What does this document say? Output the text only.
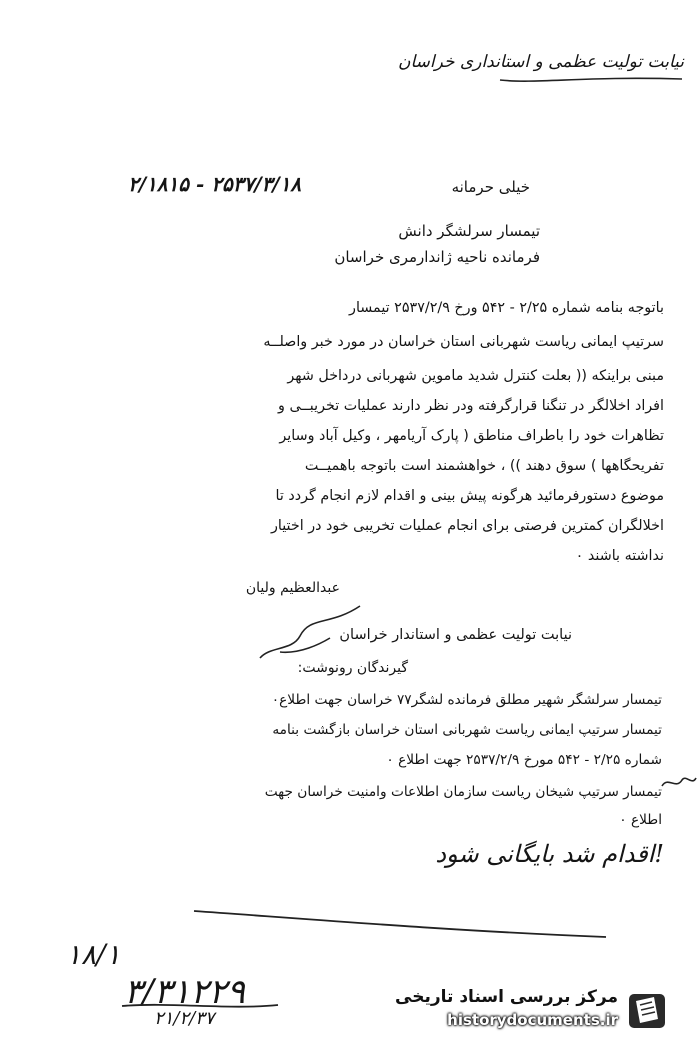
نیابت تولیت عظمی و استانداری خراسان
۲/۱۸۱۵ - ۲۵۳۷/۳/۱۸	خیلی حرمانه
تیمسار سرلشگر دانش
فرمانده ناحیه ژاندارمری خراسان
باتوجه بنامه شماره ۲/۲۵ - ۵۴۲ ورخ ۲۵۳۷/۲/۹ تیمسار
سرتیپ ایمانی ریاست شهربانی استان خراسان در مورد خبر واصلــه
مبنی براینکه (( بعلت کنترل شدید ماموین شهربانی درداخل شهر
افراد اخلالگر در تنگنا قرارگرفته ودر نظر دارند عملیات تخریبــی و
تظاهرات خود را باطراف مناطق ( پارک آریامهر ، وکیل آباد وسایر
تفریحگاهها ) سوق دهند )) ، خواهشمند است باتوجه باهمیــت
موضوع دستورفرمائید هرگونه پیش بینی و اقدام لازم انجام گردد تا
اخلالگران کمترین فرصتی برای انجام عملیات تخریبی خود در اختیار
نداشته باشند ۰
عبدالعظیم ولیان
نیابت تولیت عظمی و استاندار خراسان
گیرندگان رونوشت:
تیمسار سرلشگر شهیر مطلق فرمانده لشگر۷۷ خراسان جهت اطلاع۰
تیمسار سرتیپ ایمانی ریاست شهربانی استان خراسان بازگشت بنامه
شماره ۲/۲۵ - ۵۴۲ مورخ ۲۵۳۷/۲/۹ جهت اطلاع ۰
تیمسار سرتیپ شیخان ریاست سازمان اطلاعات وامنیت خراسان جهت
اطلاع ۰
!اقدام شد بایگانی شود
۱۸/۱
۳/۳۱۲۲۹
۲۱/۲/۳۷
مرکز بررسی اسناد تاریخی
historydocuments.ir
